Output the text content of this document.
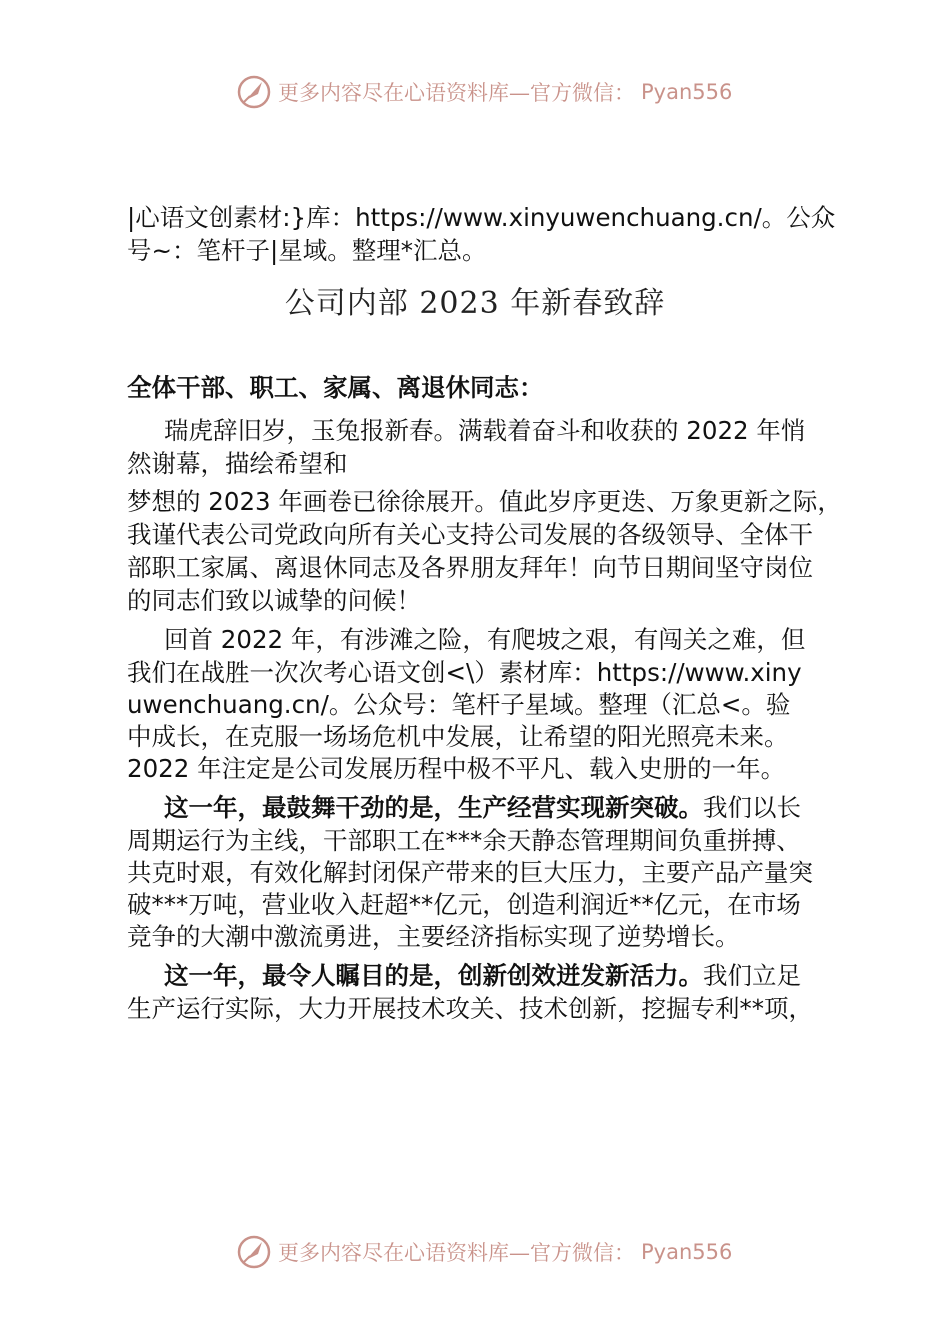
更多内容尽在心语资料库—官方微信： Pyan556
|心语文创素材:}库：https://www.xinyuwenchuang.cn/。公众
号~：笔杆子|星域。整理*汇总。
公司内部 2023 年新春致辞
全体干部、职工、家属、离退休同志：
瑞虎辞旧岁，玉兔报新春。满载着奋斗和收获的 2022 年悄
然谢幕，描绘希望和
梦想的 2023 年画卷已徐徐展开。值此岁序更迭、万象更新之际，
我谨代表公司党政向所有关心支持公司发展的各级领导、全体干
部职工家属、离退休同志及各界朋友拜年！向节日期间坚守岗位
的同志们致以诚挚的问候！
回首 2022 年，有涉滩之险，有爬坡之艰，有闯关之难，但
我们在战胜一次次考心语文创<\）素材库：https://www.xiny
uwenchuang.cn/。公众号：笔杆子星域。整理（汇总<。验
中成长，在克服一场场危机中发展，让希望的阳光照亮未来。
2022 年注定是公司发展历程中极不平凡、载入史册的一年。
这一年，最鼓舞干劲的是，生产经营实现新突破。我们以长
周期运行为主线，干部职工在***余天静态管理期间负重拼搏、
共克时艰，有效化解封闭保产带来的巨大压力，主要产品产量突
破***万吨，营业收入赶超**亿元，创造利润近**亿元，在市场
竞争的大潮中激流勇进，主要经济指标实现了逆势增长。
这一年，最令人瞩目的是，创新创效迸发新活力。我们立足
生产运行实际，大力开展技术攻关、技术创新，挖掘专利**项，
更多内容尽在心语资料库—官方微信： Pyan556
